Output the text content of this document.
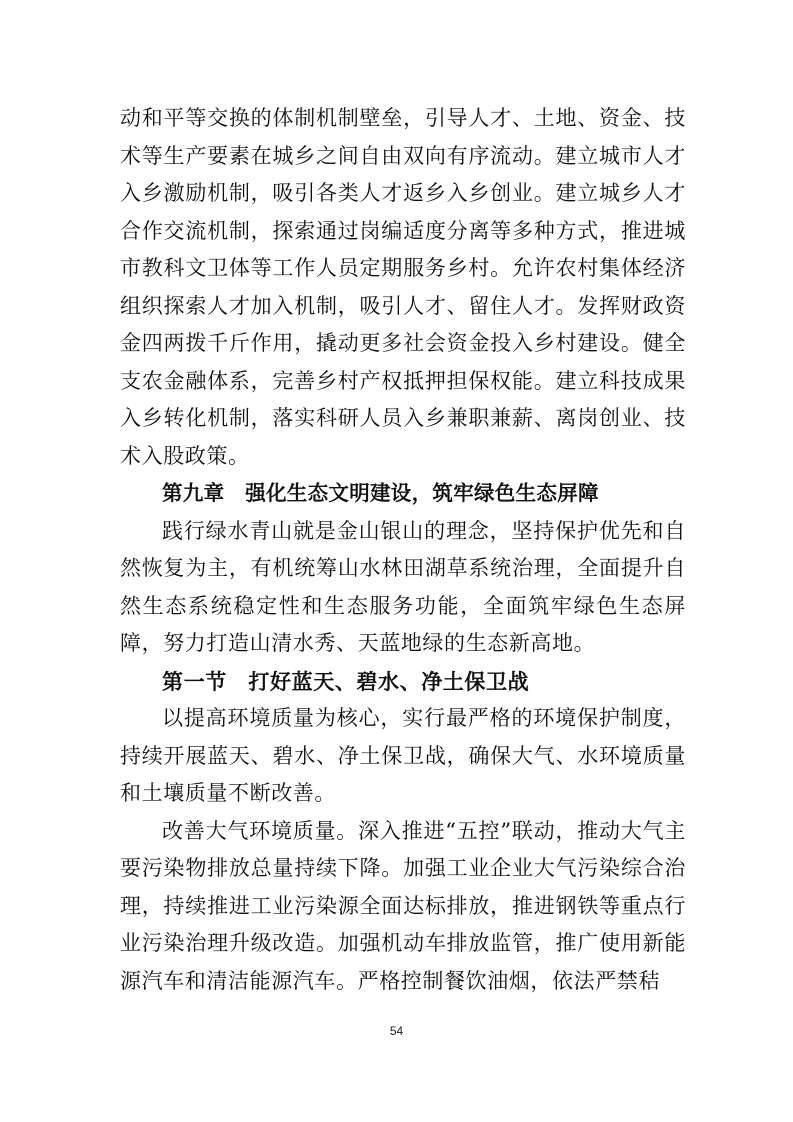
动和平等交换的体制机制壁垒，引导人才、土地、资金、技术等生产要素在城乡之间自由双向有序流动。建立城市人才入乡激励机制，吸引各类人才返乡入乡创业。建立城乡人才合作交流机制，探索通过岗编适度分离等多种方式，推进城市教科文卫体等工作人员定期服务乡村。允许农村集体经济组织探索人才加入机制，吸引人才、留住人才。发挥财政资金四两拨千斤作用，撬动更多社会资金投入乡村建设。健全支农金融体系，完善乡村产权抵押担保权能。建立科技成果入乡转化机制，落实科研人员入乡兼职兼薪、离岗创业、技术入股政策。

第九章　强化生态文明建设，筑牢绿色生态屏障

践行绿水青山就是金山银山的理念，坚持保护优先和自然恢复为主，有机统筹山水林田湖草系统治理，全面提升自然生态系统稳定性和生态服务功能，全面筑牢绿色生态屏障，努力打造山清水秀、天蓝地绿的生态新高地。

第一节　打好蓝天、碧水、净土保卫战

以提高环境质量为核心，实行最严格的环境保护制度，持续开展蓝天、碧水、净土保卫战，确保大气、水环境质量和土壤质量不断改善。

改善大气环境质量。深入推进“五控”联动，推动大气主要污染物排放总量持续下降。加强工业企业大气污染综合治理，持续推进工业污染源全面达标排放，推进钢铁等重点行业污染治理升级改造。加强机动车排放监管，推广使用新能源汽车和清洁能源汽车。严格控制餐饮油烟，依法严禁秸

54
